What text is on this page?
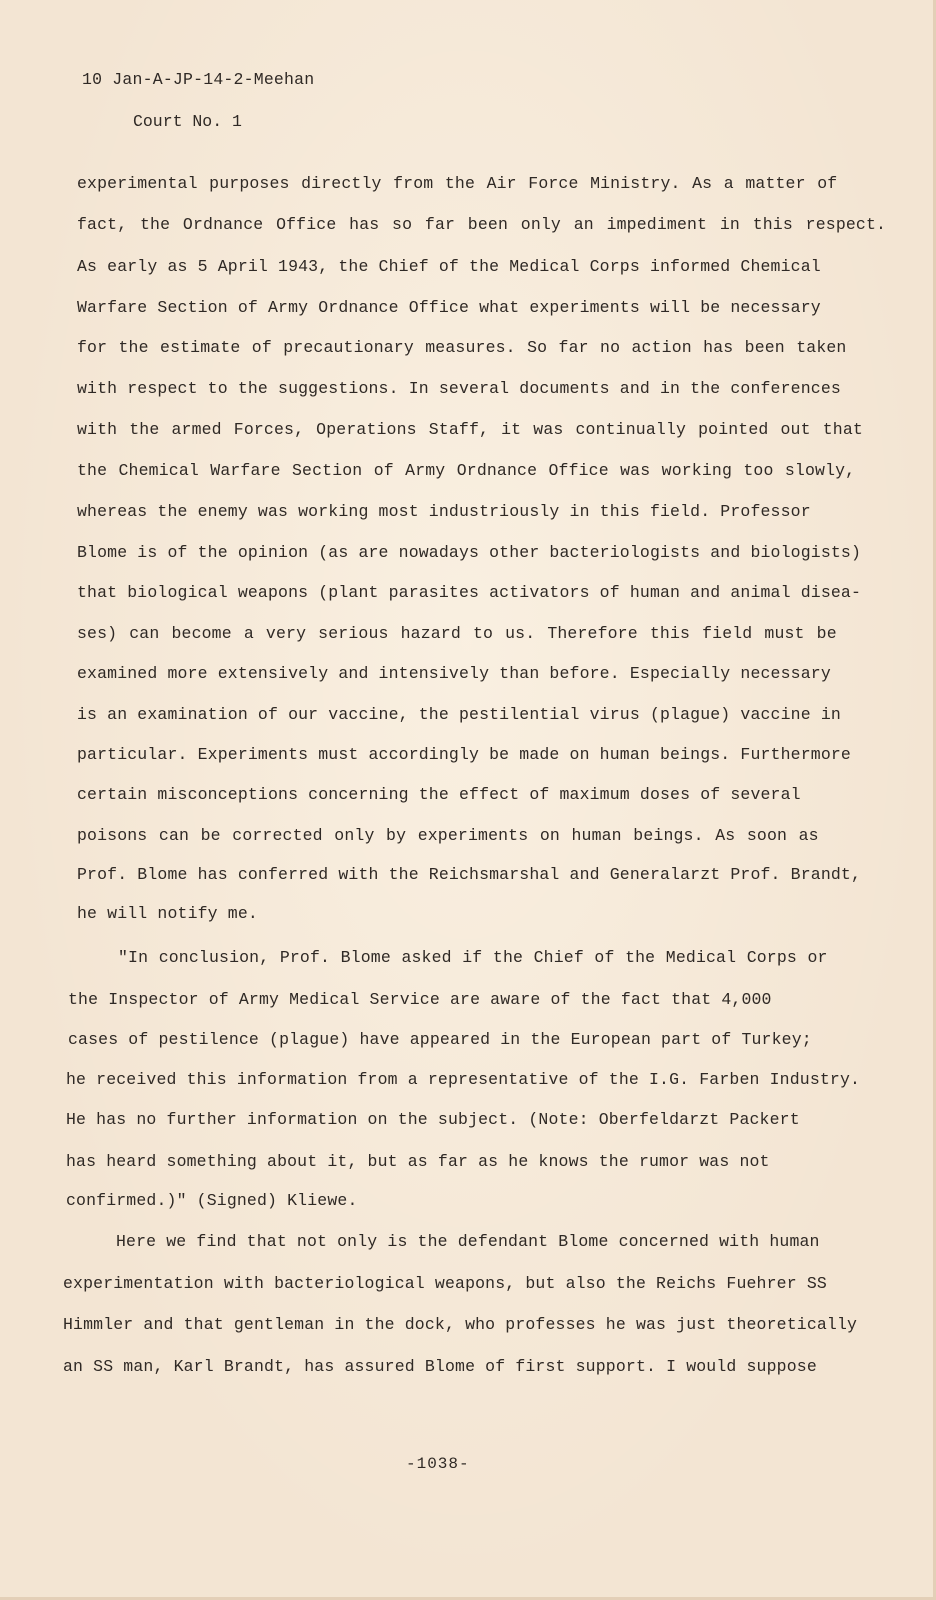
10 Jan-A-JP-14-2-Meehan
Court No. 1
experimental purposes directly from the Air Force Ministry. As a matter of
fact, the Ordnance Office has so far been only an impediment in this respect.
As early as 5 April 1943, the Chief of the Medical Corps informed Chemical
Warfare Section of Army Ordnance Office what experiments will be necessary
for the estimate of precautionary measures. So far no action has been taken
with respect to the suggestions. In several documents and in the conferences
with the armed Forces, Operations Staff, it was continually pointed out that
the Chemical Warfare Section of Army Ordnance Office was working too slowly,
whereas the enemy was working most industriously in this field. Professor
Blome is of the opinion (as are nowadays other bacteriologists and biologists)
that biological weapons (plant parasites activators of human and animal disea-
ses) can become a very serious hazard to us. Therefore this field must be
examined more extensively and intensively than before. Especially necessary
is an examination of our vaccine, the pestilential virus (plague) vaccine in
particular. Experiments must accordingly be made on human beings. Furthermore
certain misconceptions concerning the effect of maximum doses of several
poisons can be corrected only by experiments on human beings. As soon as
Prof. Blome has conferred with the Reichsmarshal and Generalarzt Prof. Brandt,
he will notify me.
"In conclusion, Prof. Blome asked if the Chief of the Medical Corps or
the Inspector of Army Medical Service are aware of the fact that 4,000
cases of pestilence (plague) have appeared in the European part of Turkey;
he received this information from a representative of the I.G. Farben Industry.
He has no further information on the subject. (Note: Oberfeldarzt Packert
has heard something about it, but as far as he knows the rumor was not
confirmed.)" (Signed) Kliewe.
Here we find that not only is the defendant Blome concerned with human
experimentation with bacteriological weapons, but also the Reichs Fuehrer SS
Himmler and that gentleman in the dock, who professes he was just theoretically
an SS man, Karl Brandt, has assured Blome of first support. I would suppose
-1038-
